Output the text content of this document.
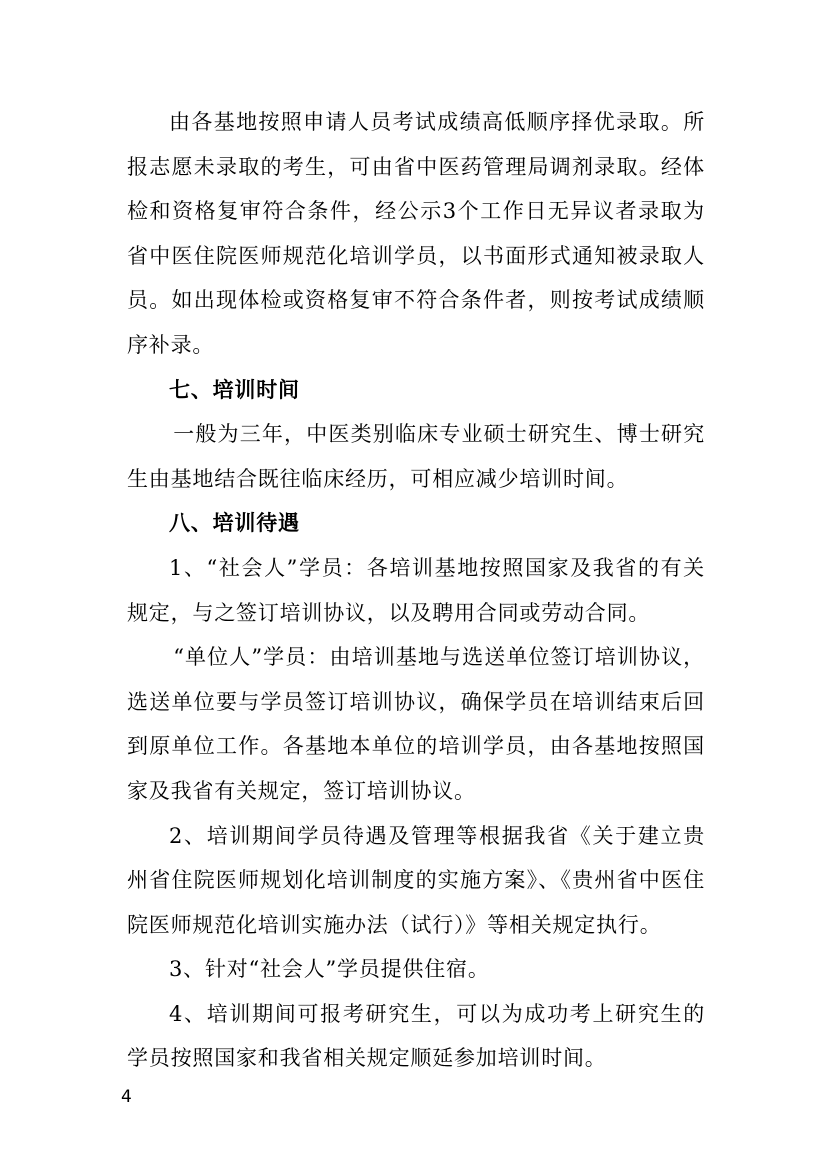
由各基地按照申请人员考试成绩高低顺序择优录取。所报志愿未录取的考生，可由省中医药管理局调剂录取。经体检和资格复审符合条件，经公示3个工作日无异议者录取为省中医住院医师规范化培训学员，以书面形式通知被录取人员。如出现体检或资格复审不符合条件者，则按考试成绩顺序补录。

七、培训时间

一般为三年，中医类别临床专业硕士研究生、博士研究生由基地结合既往临床经历，可相应减少培训时间。

八、培训待遇

1、“社会人”学员：各培训基地按照国家及我省的有关规定，与之签订培训协议，以及聘用合同或劳动合同。

“单位人”学员：由培训基地与选送单位签订培训协议，选送单位要与学员签订培训协议，确保学员在培训结束后回到原单位工作。各基地本单位的培训学员，由各基地按照国家及我省有关规定，签订培训协议。

2、培训期间学员待遇及管理等根据我省《关于建立贵州省住院医师规划化培训制度的实施方案》、《贵州省中医住院医师规范化培训实施办法（试行）》等相关规定执行。

3、针对“社会人”学员提供住宿。

4、培训期间可报考研究生，可以为成功考上研究生的学员按照国家和我省相关规定顺延参加培训时间。

4
